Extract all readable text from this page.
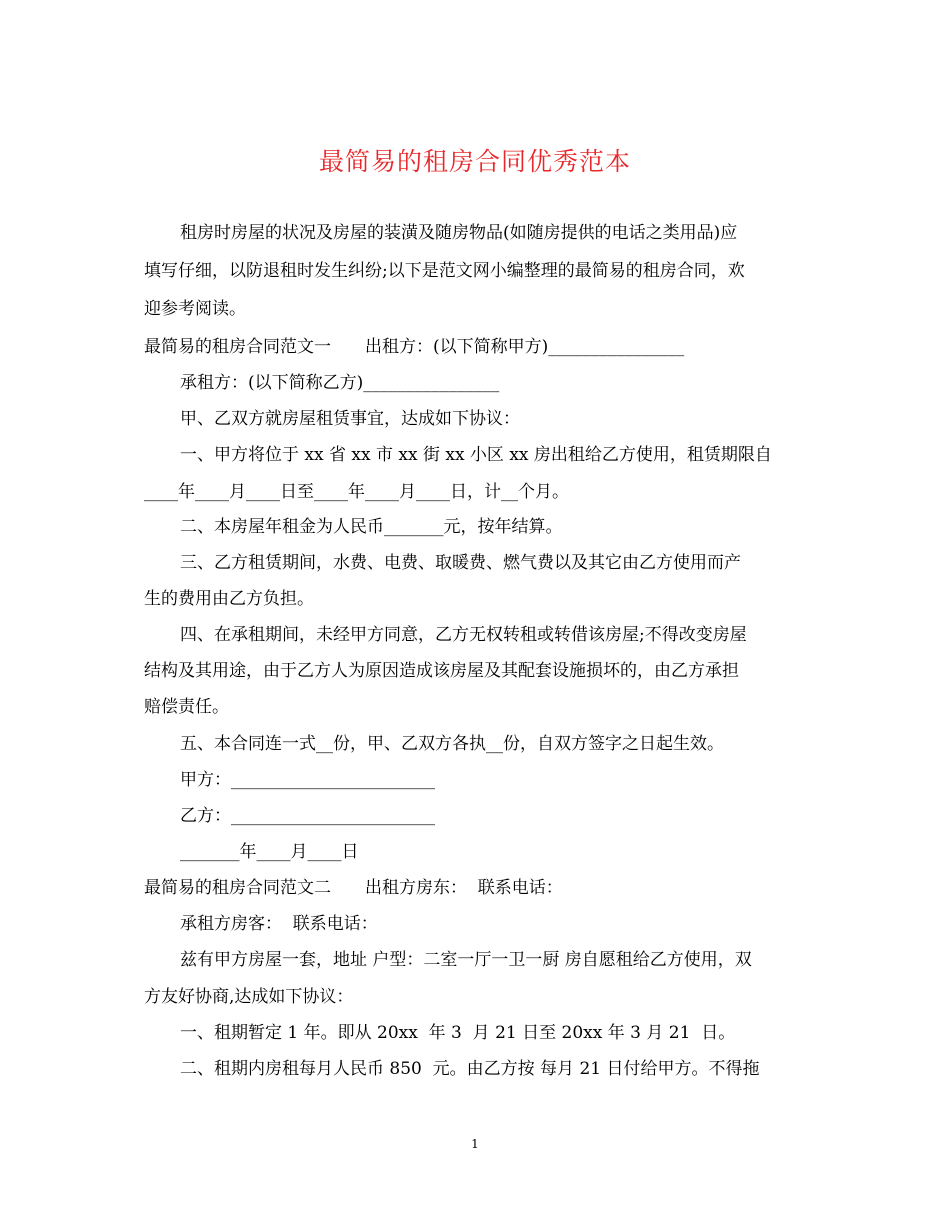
最简易的租房合同优秀范本
租房时房屋的状况及房屋的装潢及随房物品(如随房提供的电话之类用品)应
填写仔细，以防退租时发生纠纷;以下是范文网小编整理的最简易的租房合同，欢
迎参考阅读。
最简易的租房合同范文一　　出租方：(以下简称甲方)________________
承租方：(以下简称乙方)________________
甲、乙双方就房屋租赁事宜，达成如下协议：
一、甲方将位于 xx 省 xx 市 xx 街 xx 小区 xx 房出租给乙方使用，租赁期限自
____年____月____日至____年____月____日，计__个月。
二、本房屋年租金为人民币_______元，按年结算。
三、乙方租赁期间，水费、电费、取暖费、燃气费以及其它由乙方使用而产
生的费用由乙方负担。
四、在承租期间，未经甲方同意，乙方无权转租或转借该房屋;不得改变房屋
结构及其用途，由于乙方人为原因造成该房屋及其配套设施损坏的，由乙方承担
赔偿责任。
五、本合同连一式__份，甲、乙双方各执__份，自双方签字之日起生效。
甲方：________________________
乙方：________________________
_______年____月____日
最简易的租房合同范文二　　出租方房东：  联系电话：
承租方房客：  联系电话：
兹有甲方房屋一套，地址 户型：二室一厅一卫一厨 房自愿租给乙方使用，双
方友好协商,达成如下协议：
一、租期暂定 1 年。即从 20xx  年 3  月 21 日至 20xx 年 3 月 21  日。
二、租期内房租每月人民币 850  元。由乙方按 每月 21 日付给甲方。不得拖
1
